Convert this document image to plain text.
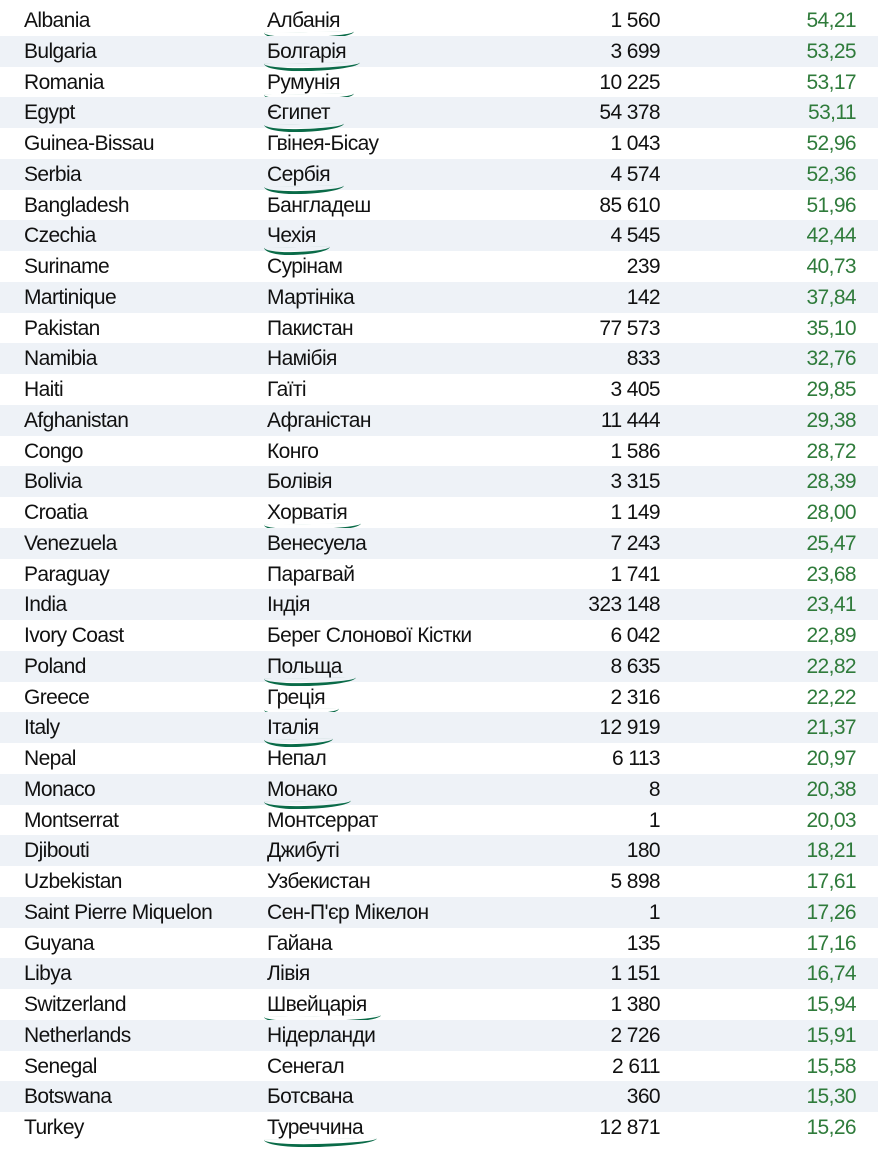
Albania	Албанія	1 560	54,21
Bulgaria	Болгарія	3 699	53,25
Romania	Румунія	10 225	53,17
Egypt	Єгипет	54 378	53,11
Guinea-Bissau	Гвінея-Бісау	1 043	52,96
Serbia	Сербія	4 574	52,36
Bangladesh	Бангладеш	85 610	51,96
Czechia	Чехія	4 545	42,44
Suriname	Сурінам	239	40,73
Martinique	Мартініка	142	37,84
Pakistan	Пакистан	77 573	35,10
Namibia	Намібія	833	32,76
Haiti	Гаїті	3 405	29,85
Afghanistan	Афганістан	11 444	29,38
Congo	Конго	1 586	28,72
Bolivia	Болівія	3 315	28,39
Croatia	Хорватія	1 149	28,00
Venezuela	Венесуела	7 243	25,47
Paraguay	Парагвай	1 741	23,68
India	Індія	323 148	23,41
Ivory Coast	Берег Слонової Кістки	6 042	22,89
Poland	Польща	8 635	22,82
Greece	Греція	2 316	22,22
Italy	Італія	12 919	21,37
Nepal	Непал	6 113	20,97
Monaco	Монако	8	20,38
Montserrat	Монтсеррат	1	20,03
Djibouti	Джибуті	180	18,21
Uzbekistan	Узбекистан	5 898	17,61
Saint Pierre Miquelon	Сен-П'єр Мікелон	1	17,26
Guyana	Гайана	135	17,16
Libya	Лівія	1 151	16,74
Switzerland	Швейцарія	1 380	15,94
Netherlands	Нідерланди	2 726	15,91
Senegal	Сенегал	2 611	15,58
Botswana	Ботсвана	360	15,30
Turkey	Туреччина	12 871	15,26
